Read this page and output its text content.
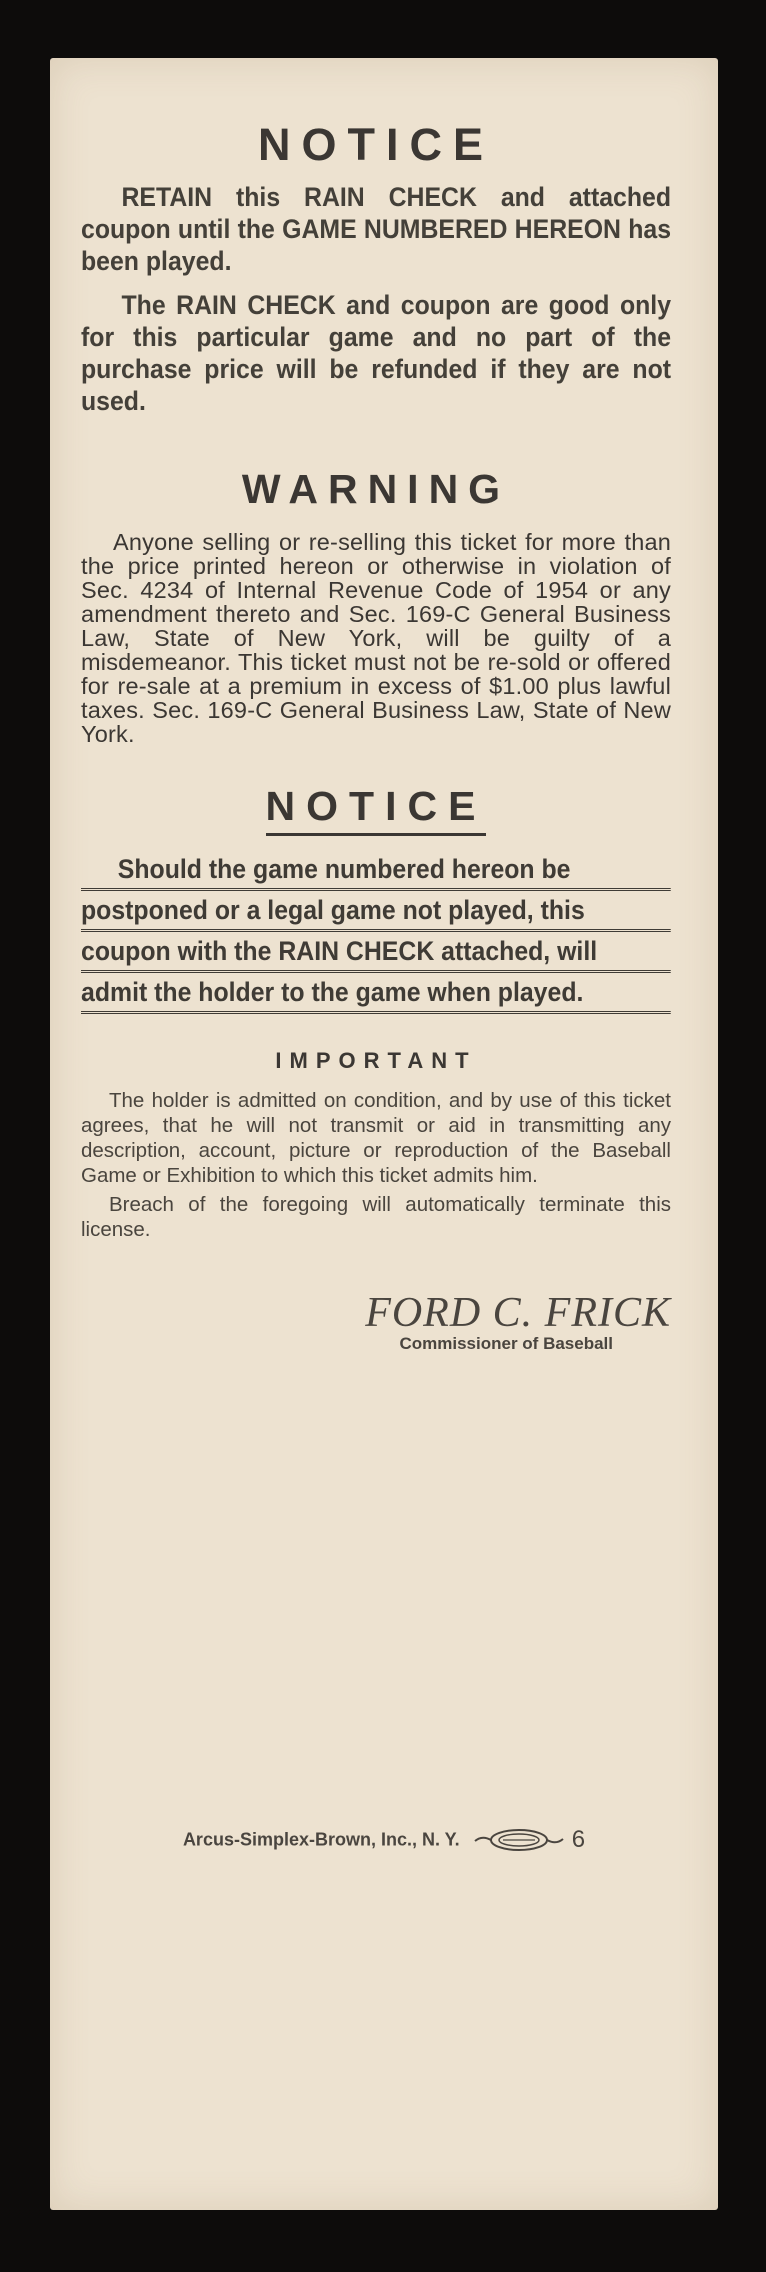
NOTICE

RETAIN this RAIN CHECK and attached coupon until the GAME NUMBERED HEREON has been played.

The RAIN CHECK and coupon are good only for this particular game and no part of the purchase price will be refunded if they are not used.

WARNING

Anyone selling or re-selling this ticket for more than the price printed hereon or otherwise in violation of Sec. 4234 of Internal Revenue Code of 1954 or any amendment thereto and Sec. 169-C General Business Law, State of New York, will be guilty of a misdemeanor. This ticket must not be re-sold or offered for re-sale at a premium in excess of $1.00 plus lawful taxes. Sec. 169-C General Business Law, State of New York.

NOTICE
Should the game numbered hereon be
postponed or a legal game not played, this
coupon with the RAIN CHECK attached, will
admit the holder to the game when played.
IMPORTANT

The holder is admitted on condition, and by use of this ticket agrees, that he will not transmit or aid in transmitting any description, account, picture or reproduction of the Baseball Game or Exhibition to which this ticket admits him.

Breach of the foregoing will automatically terminate this license.

FORD C. FRICK

Commissioner of Baseball

Arcus-Simplex-Brown, Inc., N. Y.	6
